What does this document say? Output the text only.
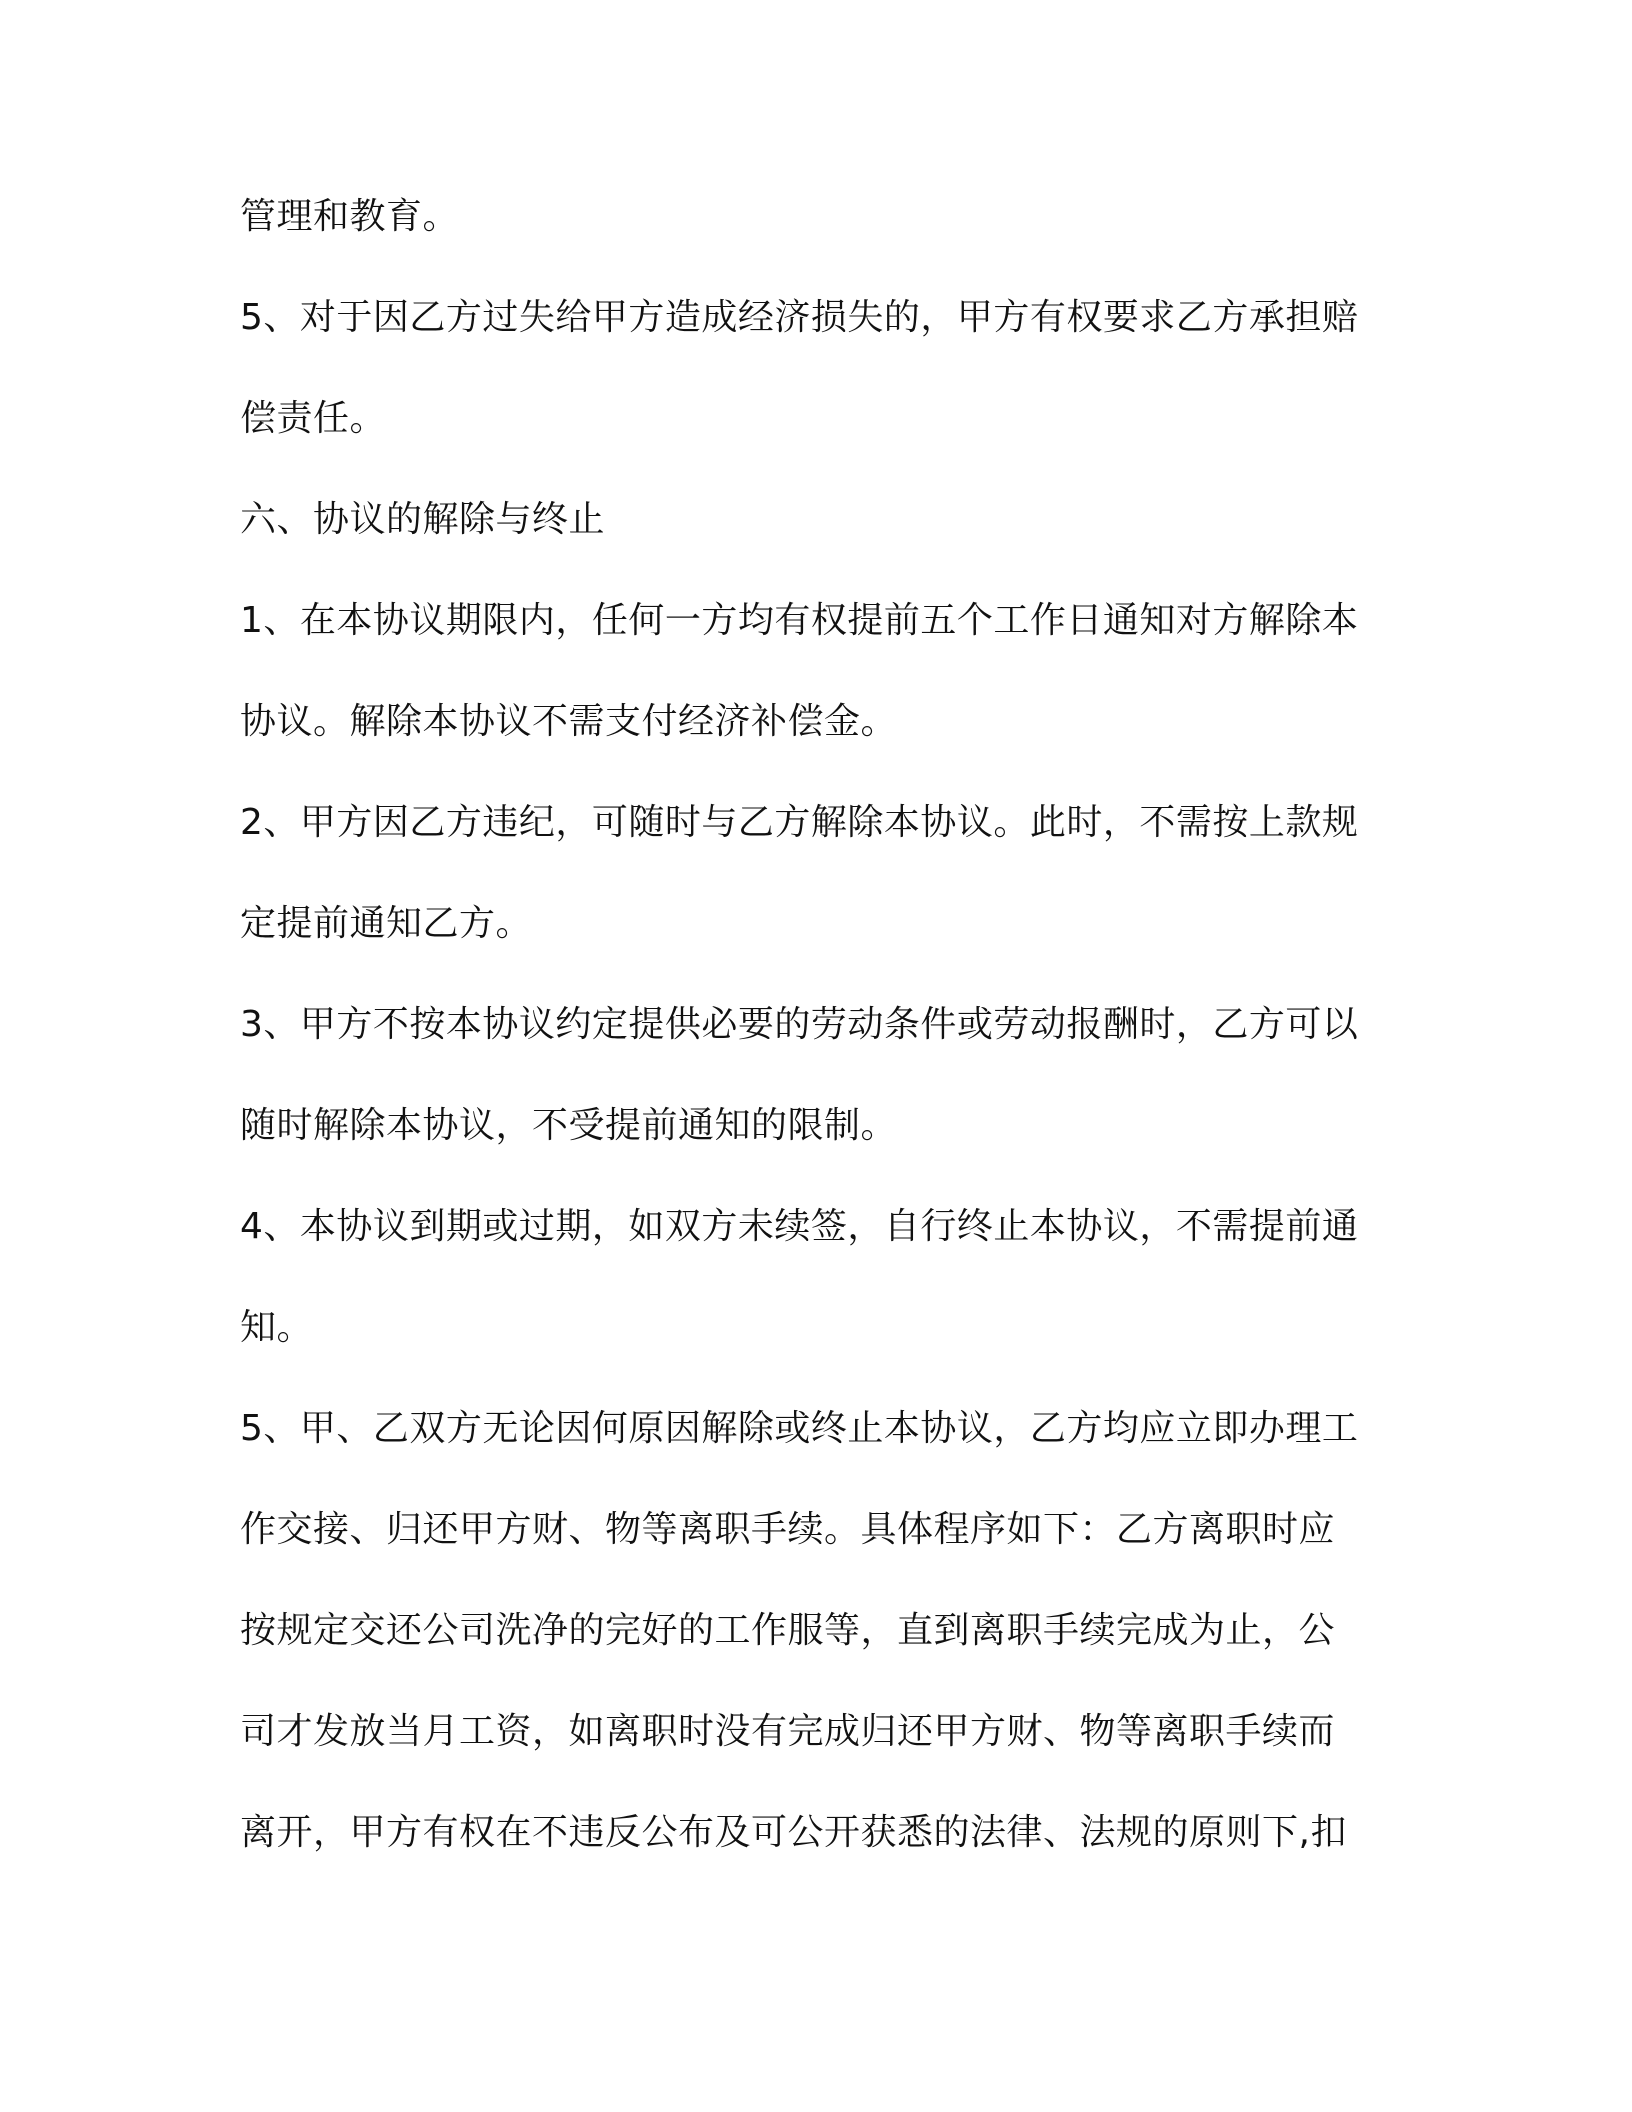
管理和教育。

5、对于因乙方过失给甲方造成经济损失的，甲方有权要求乙方承担赔

偿责任。

六、协议的解除与终止

1、在本协议期限内，任何一方均有权提前五个工作日通知对方解除本

协议。解除本协议不需支付经济补偿金。

2、甲方因乙方违纪，可随时与乙方解除本协议。此时，不需按上款规

定提前通知乙方。

3、甲方不按本协议约定提供必要的劳动条件或劳动报酬时，乙方可以

随时解除本协议，不受提前通知的限制。

4、本协议到期或过期，如双方未续签，自行终止本协议，不需提前通

知。

5、甲、乙双方无论因何原因解除或终止本协议，乙方均应立即办理工

作交接、归还甲方财、物等离职手续。具体程序如下：乙方离职时应

按规定交还公司洗净的完好的工作服等，直到离职手续完成为止，公

司才发放当月工资，如离职时没有完成归还甲方财、物等离职手续而

离开，甲方有权在不违反公布及可公开获悉的法律、法规的原则下,扣
